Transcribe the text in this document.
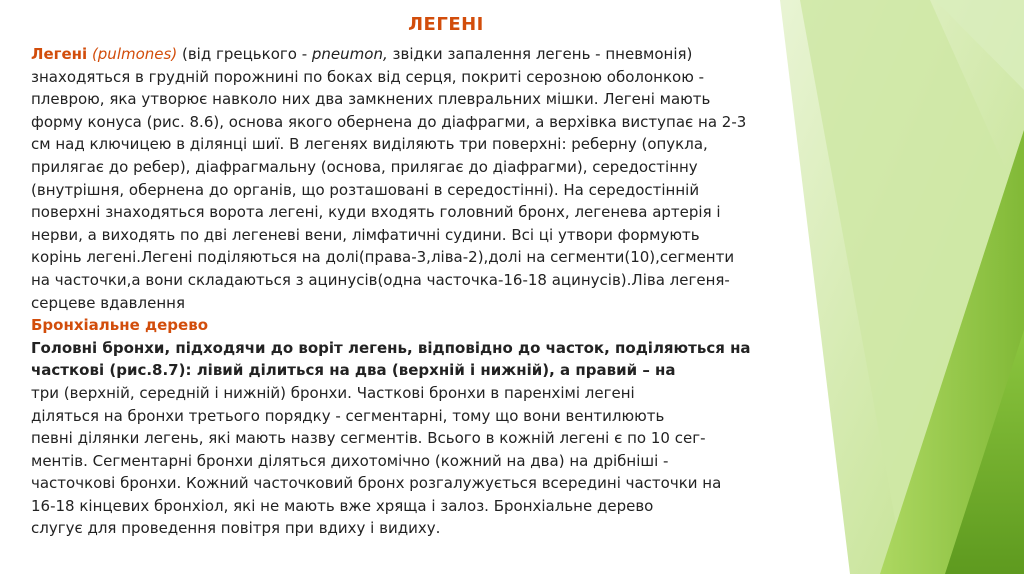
ЛЕГЕНІ
Легені (pulmones) (від грецького - pneumon, звідки запалення легень - пневмонія)
знаходяться в грудній порожнині по боках від серця, покриті серозною оболонкою -
плеврою, яка утворює навколо них два замкнених плевральних мішки. Легені мають
форму конуса (рис. 8.6), основа якого обернена до діафрагми, а верхівка виступає на 2-3
см над ключицею в ділянці шиї. В легенях виділяють три поверхні: реберну (опукла,
прилягає до ребер), діафрагмальну (основа, прилягає до діафрагми), середостінну
(внутрішня, обернена до органів, що розташовані в середостінні). На середостінній
поверхні знаходяться ворота легені, куди входять головний бронх, легенева артерія і
нерви, а виходять по дві легеневі вени, лімфатичні судини. Всі ці утвори формують
корінь легені.Легені поділяються на долі(права-3,ліва-2),долі на сегменти(10),сегменти
на часточки,а вони складаються з ацинусів(одна часточка-16-18 ацинусів).Ліва легеня-
серцеве вдавлення
Бронхіальне дерево
Головні бронхи, підходячи до воріт легень, відповідно до часток, поділяються на
часткові (рис.8.7): лівий ділиться на два (верхній і нижній), а правий – на
три (верхній, середній і нижній) бронхи. Часткові бронхи в паренхімі легені
діляться на бронхи третього порядку - сегментарні, тому що вони вентилюють
певні ділянки легень, які мають назву сегментів. Всього в кожній легені є по 10 сег-
ментів. Сегментарні бронхи діляться дихотомічно (кожний на два) на дрібніші -
часточкові бронхи. Кожний часточковий бронх розгалужується всередині часточки на
16-18 кінцевих бронхіол, які не мають вже хряща і залоз. Бронхіальне дерево
слугує для проведення повітря при вдиху і видиху.
